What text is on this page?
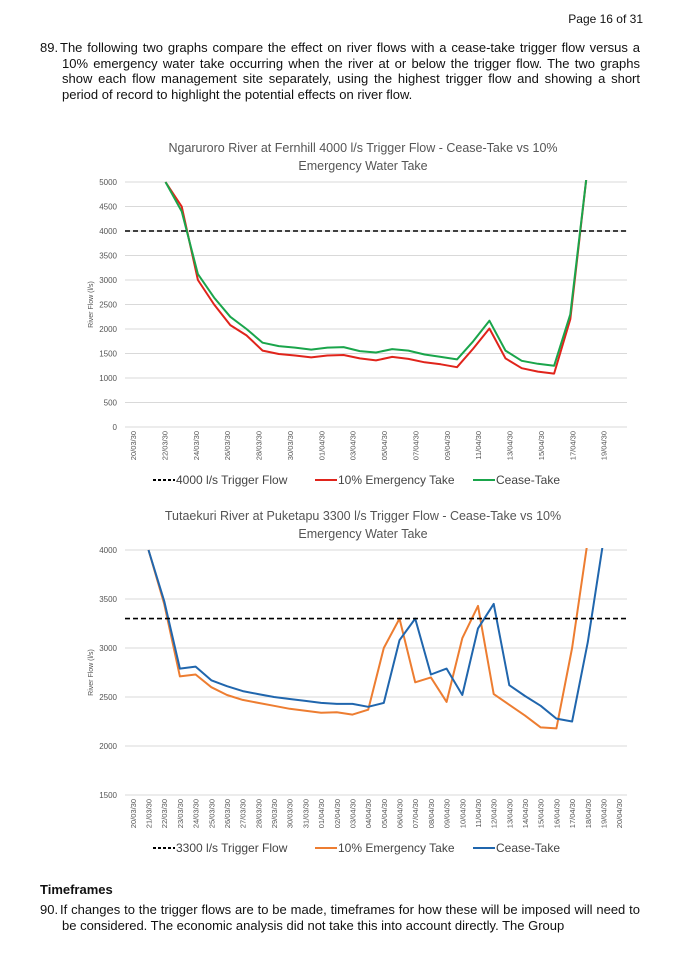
Page 16 of 31
89. The following two graphs compare the effect on river flows with a cease-take trigger flow versus a 10% emergency water take occurring when the river at or below the trigger flow. The two graphs show each flow management site separately, using the highest trigger flow and showing a short period of record to highlight the potential effects on river flow.
Ngaruroro River at Fernhill 4000 l/s Trigger Flow - Cease-Take vs 10%
Emergency Water Take
0
500
1000
1500
2000
2500
3000
3500
4000
4500
5000
River Flow (l/s)
20/03/30	22/03/30	24/03/30	26/03/30	28/03/30	30/03/30	01/04/30	03/04/30	05/04/30	07/04/30	09/04/30	11/04/30	13/04/30	15/04/30	17/04/30	19/04/30
4000 l/s Trigger Flow	10% Emergency Take	Cease-Take
Tutaekuri River at Puketapu 3300 l/s Trigger Flow - Cease-Take vs 10%
Emergency Water Take
1500
2000
2500
3000
3500
4000
River Flow (l/s)
20/03/30 21/03/30 22/03/30 23/03/30 24/03/30 25/03/30 26/03/30 27/03/30 28/03/30 29/03/30 30/03/30 31/03/30 01/04/30 02/04/30 03/04/30 04/04/30 05/04/30 06/04/30 07/04/30 08/04/30 09/04/30 10/04/30 11/04/30 12/04/30 13/04/30 14/04/30 15/04/30 16/04/30 17/04/30 18/04/30 19/04/30 20/04/30
3300 l/s Trigger Flow	10% Emergency Take	Cease-Take
Timeframes
90. If changes to the trigger flows are to be made, timeframes for how these will be imposed will need to be considered. The economic analysis did not take this into account directly. The Group
